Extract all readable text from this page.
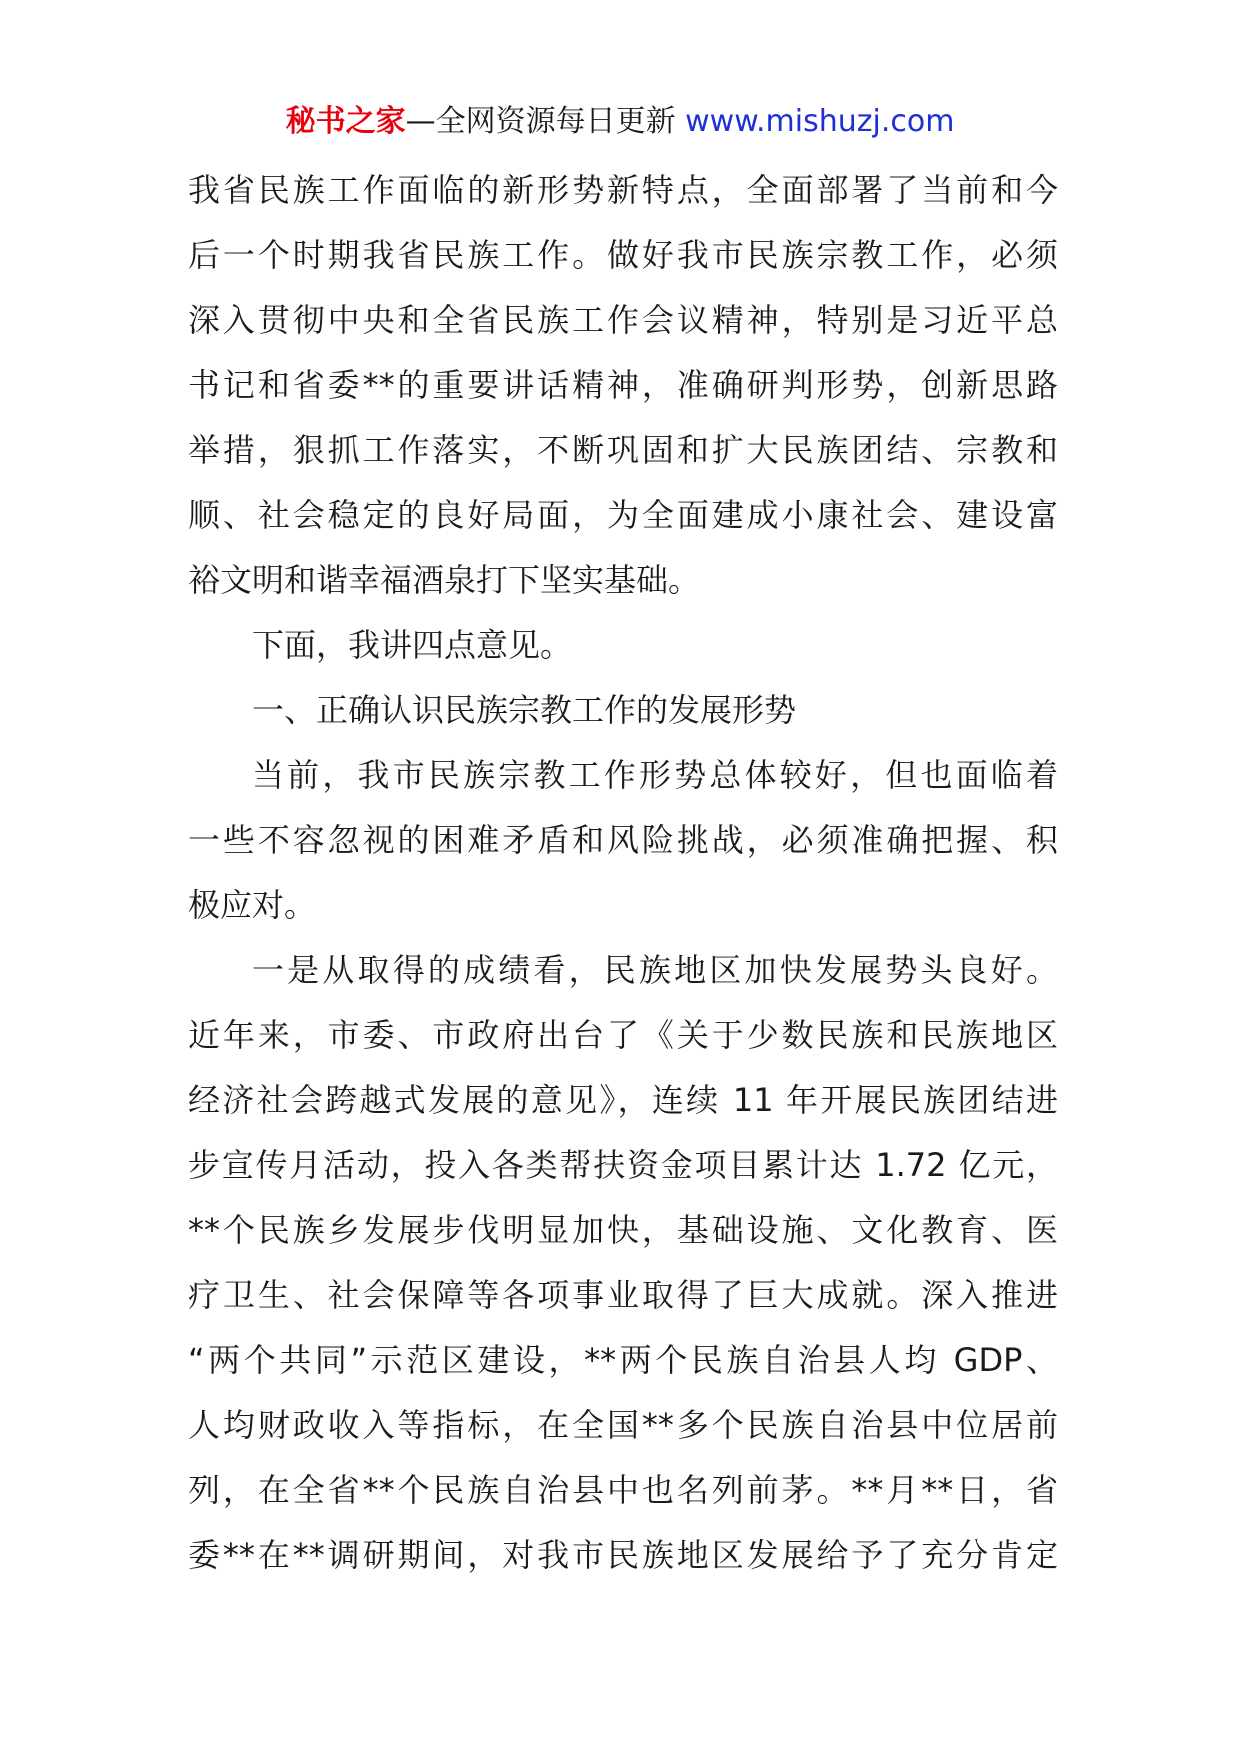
秘书之家—全网资源每日更新 www.mishuzj.com
我省民族工作面临的新形势新特点，全面部署了当前和今
后一个时期我省民族工作。做好我市民族宗教工作，必须
深入贯彻中央和全省民族工作会议精神，特别是习近平总
书记和省委**的重要讲话精神，准确研判形势，创新思路
举措，狠抓工作落实，不断巩固和扩大民族团结、宗教和
顺、社会稳定的良好局面，为全面建成小康社会、建设富
裕文明和谐幸福酒泉打下坚实基础。
下面，我讲四点意见。
一、正确认识民族宗教工作的发展形势
当前，我市民族宗教工作形势总体较好，但也面临着
一些不容忽视的困难矛盾和风险挑战，必须准确把握、积
极应对。
一是从取得的成绩看，民族地区加快发展势头良好。
近年来，市委、市政府出台了《关于少数民族和民族地区
经济社会跨越式发展的意见》，连续 11 年开展民族团结进
步宣传月活动，投入各类帮扶资金项目累计达 1.72 亿元，
**个民族乡发展步伐明显加快，基础设施、文化教育、医
疗卫生、社会保障等各项事业取得了巨大成就。深入推进
“两个共同”示范区建设，**两个民族自治县人均 GDP、
人均财政收入等指标，在全国**多个民族自治县中位居前
列，在全省**个民族自治县中也名列前茅。**月**日，省
委**在**调研期间，对我市民族地区发展给予了充分肯定
